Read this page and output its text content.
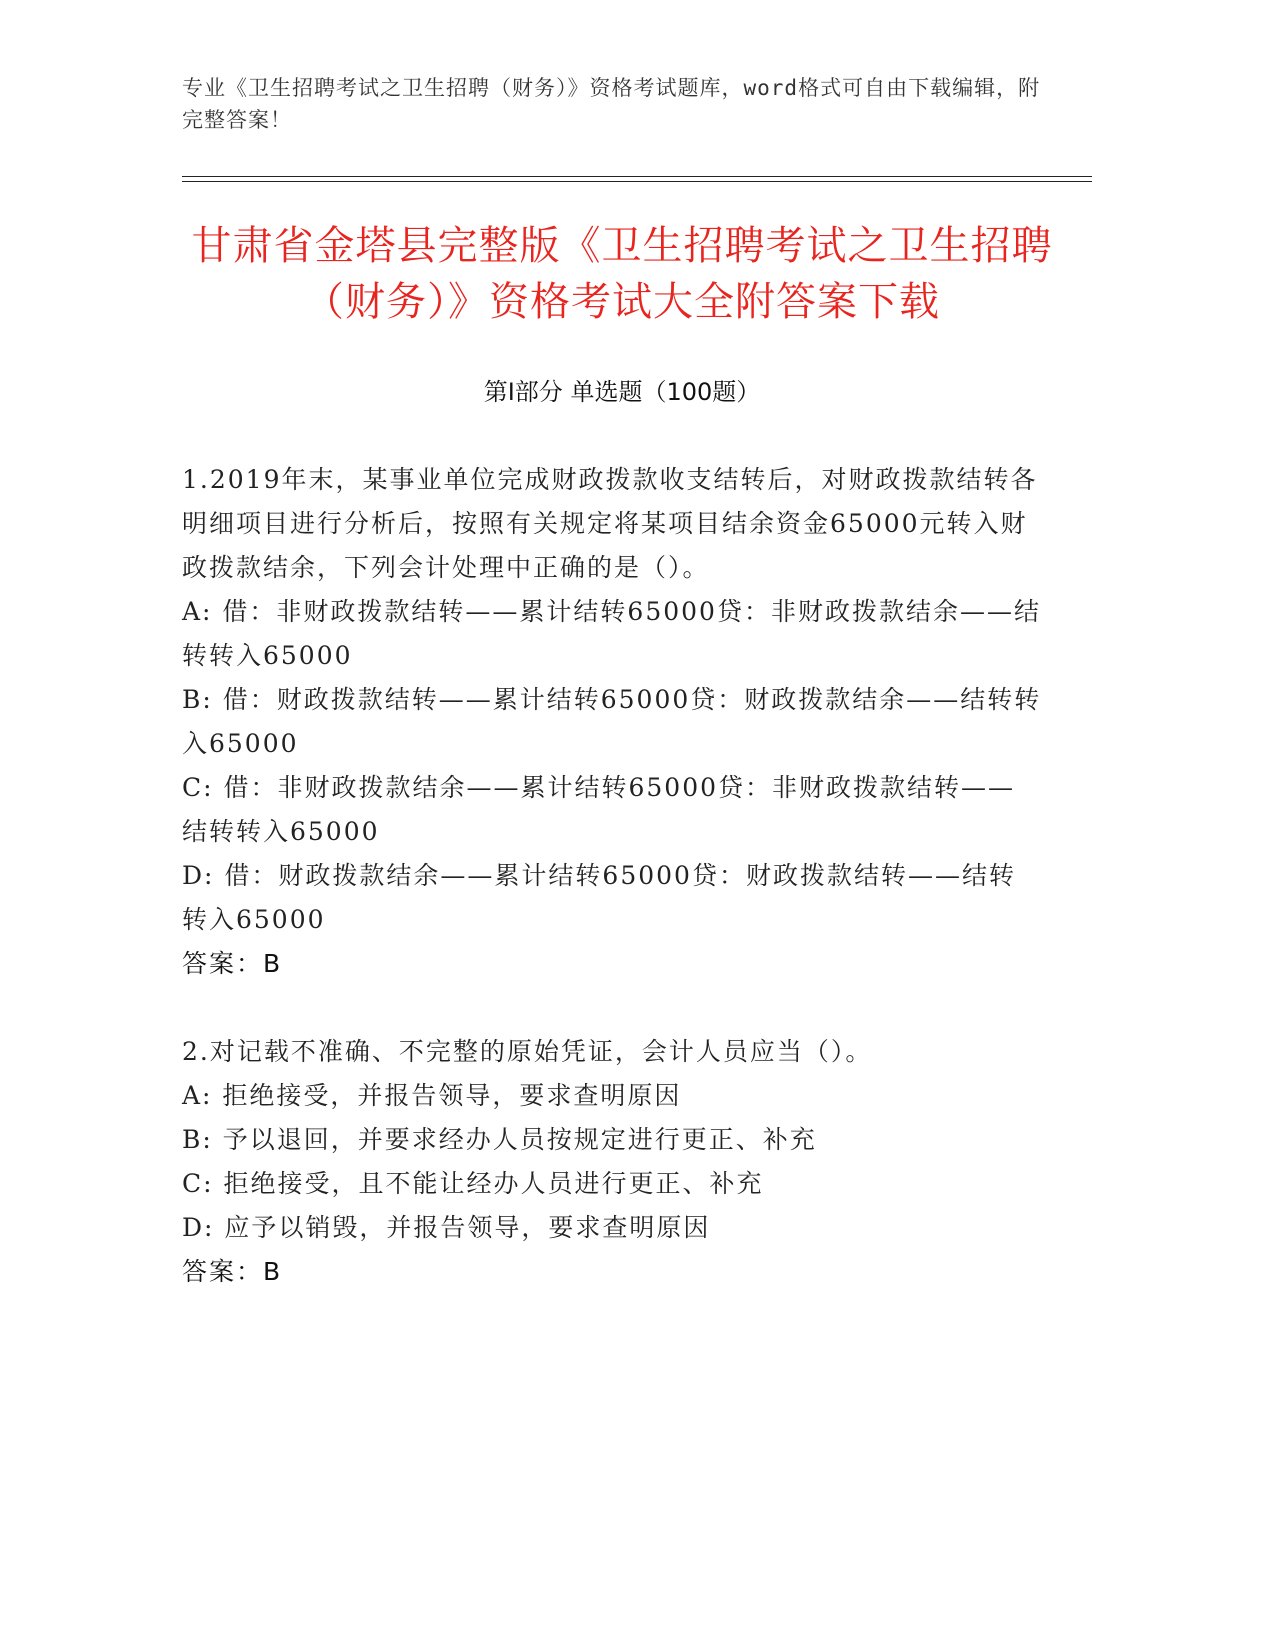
专业《卫生招聘考试之卫生招聘（财务）》资格考试题库，word格式可自由下载编辑，附完整答案！
甘肃省金塔县完整版《卫生招聘考试之卫生招聘（财务）》资格考试大全附答案下载
第Ⅰ部分 单选题（100题）
1.2019年末，某事业单位完成财政拨款收支结转后，对财政拨款结转各明细项目进行分析后，按照有关规定将某项目结余资金65000元转入财政拨款结余，下列会计处理中正确的是（）。
A: 借：非财政拨款结转——累计结转65000贷：非财政拨款结余——结转转入65000
B: 借：财政拨款结转——累计结转65000贷：财政拨款结余——结转转入65000
C: 借：非财政拨款结余——累计结转65000贷：非财政拨款结转——结转转入65000
D: 借：财政拨款结余——累计结转65000贷：财政拨款结转——结转转入65000
答案：B
2.对记载不准确、不完整的原始凭证，会计人员应当（）。
A: 拒绝接受，并报告领导，要求查明原因
B: 予以退回，并要求经办人员按规定进行更正、补充
C: 拒绝接受，且不能让经办人员进行更正、补充
D: 应予以销毁，并报告领导，要求查明原因
答案：B
